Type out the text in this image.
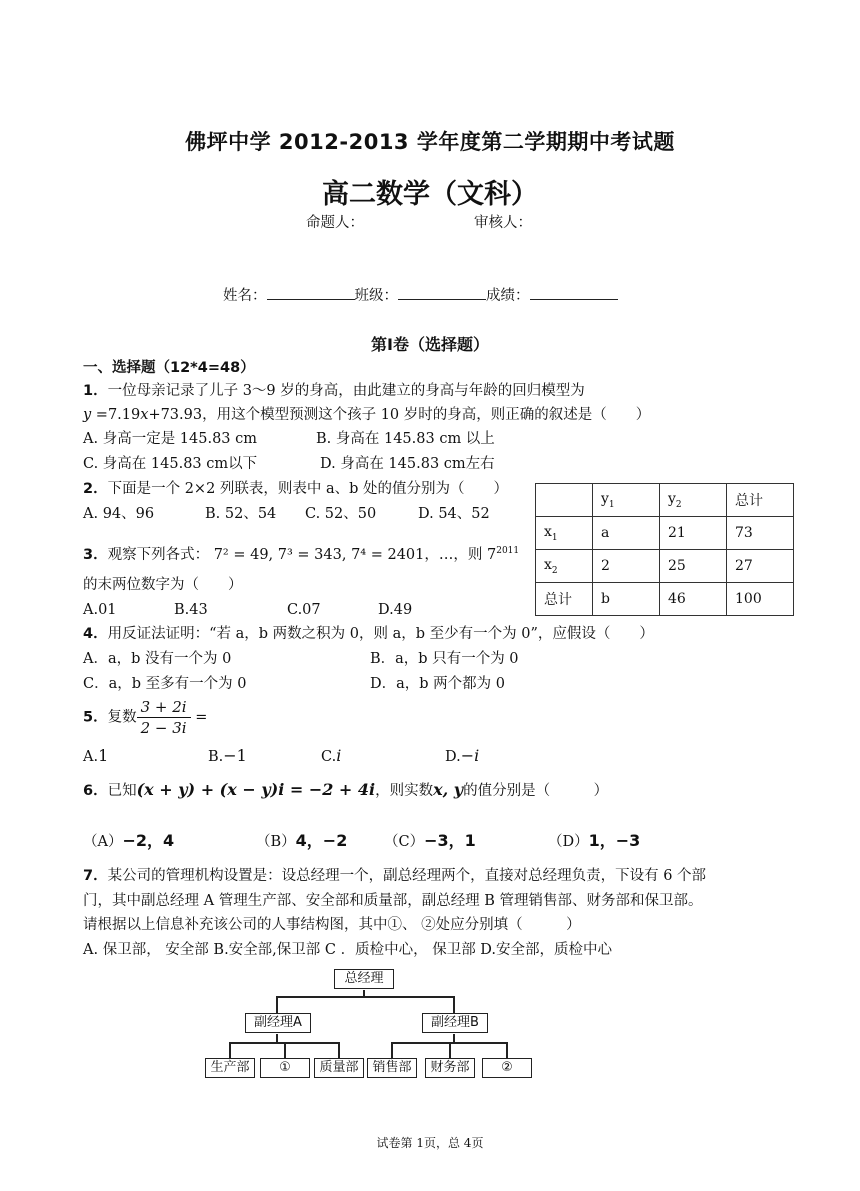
佛坪中学 2012-2013 学年度第二学期期中考试题
高二数学（文科）
命题人：	审核人：
姓名：	班级：	成绩：
第Ⅰ卷（选择题）
一、选择题（12*4=48）
1．一位母亲记录了儿子 3～9 岁的身高，由此建立的身高与年龄的回归模型为
y =7.19x+73.93，用这个模型预测这个孩子 10 岁时的身高，则正确的叙述是（　　）
A. 身高一定是 145.83 cm	B. 身高在 145.83 cm 以上
C. 身高在 145.83 cm以下	D. 身高在 145.83 cm左右
2．下面是一个 2×2 列联表，则表中 a、b 处的值分别为（　　）
A. 94、96	B. 52、54 C. 52、50	D. 54、52
	$y_1$	$y_2$	总计
$x_1$	a	21	73
$x_2$	2	25	27
总计	b	46	100
3．观察下列各式： 7² = 49, 7³ = 343, 7⁴ = 2401，…，则 $7^{2011}$
的末两位数字为（　　）
A.01	B.43	C.07	D.49
4．用反证法证明：“若 a，b 两数之积为 0，则 a，b 至少有一个为 0”，应假设（　　）
A．a，b 没有一个为 0	B．a，b 只有一个为 0
C．a，b 至多有一个为 0	D．a，b 两个都为 0
5．复数 $\frac{3 + 2i}{2 - 3i}$ =
A.1	B.−1	C.i	D.−i
6．已知(x + y) + (x − y)i = −2 + 4i，则实数x, y的值分别是（　　　）
（A）−2，4	（B）4，−2	（C）−3，1	（D）1，−3
7．某公司的管理机构设置是：设总经理一个，副总经理两个，直接对总经理负责，下设有 6 个部
门，其中副总经理 A 管理生产部、安全部和质量部，副总经理 B 管理销售部、财务部和保卫部。
请根据以上信息补充该公司的人事结构图，其中①、 ②处应分别填（　　　）
A. 保卫部， 安全部 B.安全部,保卫部 C ．质检中心， 保卫部 D.安全部，质检中心
总经理
副经理A	副经理B
生产部	①	质量部	销售部	财务部	②
试卷第 1页，总 4页
